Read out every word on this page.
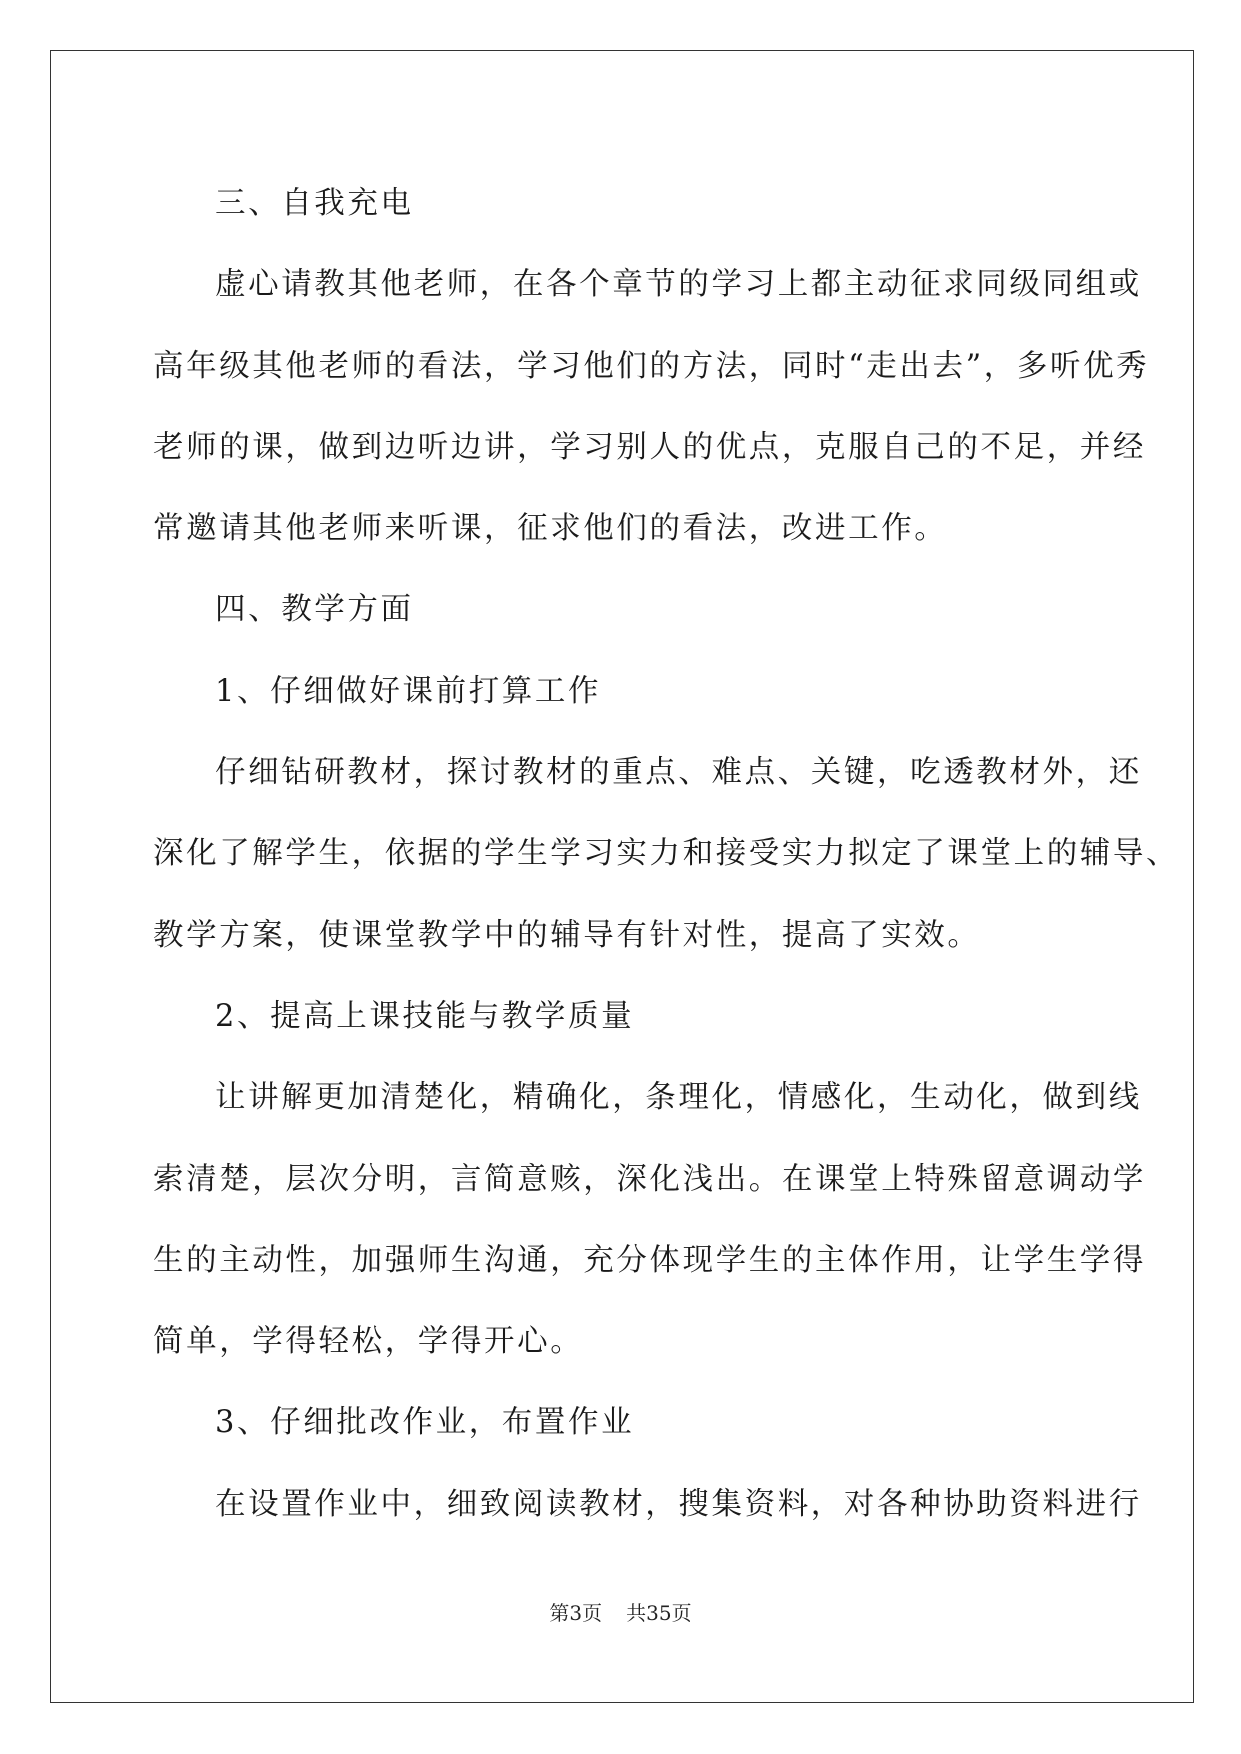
三、自我充电

虚心请教其他老师，在各个章节的学习上都主动征求同级同组或

高年级其他老师的看法，学习他们的方法，同时“走出去”，多听优秀

老师的课，做到边听边讲，学习别人的优点，克服自己的不足，并经

常邀请其他老师来听课，征求他们的看法，改进工作。

四、教学方面

1、仔细做好课前打算工作

仔细钻研教材，探讨教材的重点、难点、关键，吃透教材外，还

深化了解学生，依据的学生学习实力和接受实力拟定了课堂上的辅导、

教学方案，使课堂教学中的辅导有针对性，提高了实效。

2、提高上课技能与教学质量

让讲解更加清楚化，精确化，条理化，情感化，生动化，做到线

索清楚，层次分明，言简意赅，深化浅出。在课堂上特殊留意调动学

生的主动性，加强师生沟通，充分体现学生的主体作用，让学生学得

简单，学得轻松，学得开心。

3、仔细批改作业，布置作业

在设置作业中，细致阅读教材，搜集资料，对各种协助资料进行

第3页 共35页
